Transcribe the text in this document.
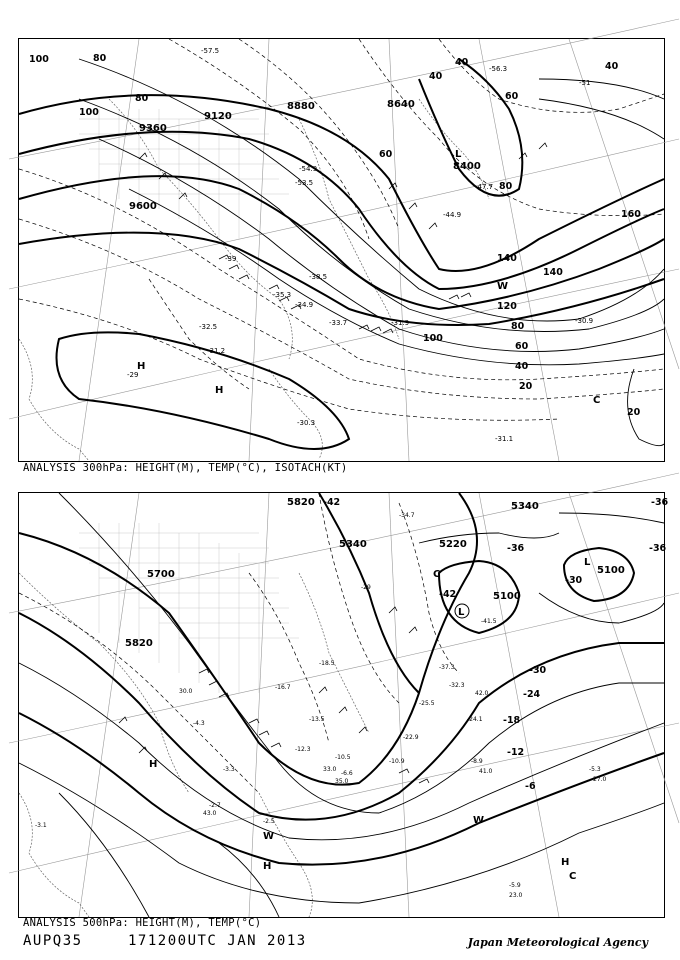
9600
9360
9120
8880	8640
8400
100	80
100
80
60
40
40	40
60
80
160
140
140
120
100
80
60
40
20
20
-53.5
-54.9
-47.7
-44.9
-39
-38.5
-35.3
-34.9
-33.7
-32.5	-31.9
-31.2
-30.9
-30.3
-29
-31.1
-56.3
-57.5
-51
H
H
L
W
C
ANALYSIS 300hPa: HEIGHT(M), TEMP(°C), ISOTACH(KT)
5700
5820
5340	5220
5100
5100
5340
5820 -42
-36
-30
-36
-30
-24
-18
-12
-6
-42
-36
-34.7
-41.5
-37.3
-32.3
-29
-25.5
-24.1
-22.9
-18.5
-16.7
-13.5
-12.3
-10.9
-10.5
-8.9
-6.6
-5.3
-4.3
-3.3
-3.1
-2.7
-2.5
-5.9
42.0
41.0
35.0	27.0
23.0
43.0
30.0
33.0
L
L
H
H
C
W
W
H
C
ANALYSIS 500hPa: HEIGHT(M), TEMP(°C)
AUPQ35	171200UTC JAN 2013	Japan Meteorological Agency
